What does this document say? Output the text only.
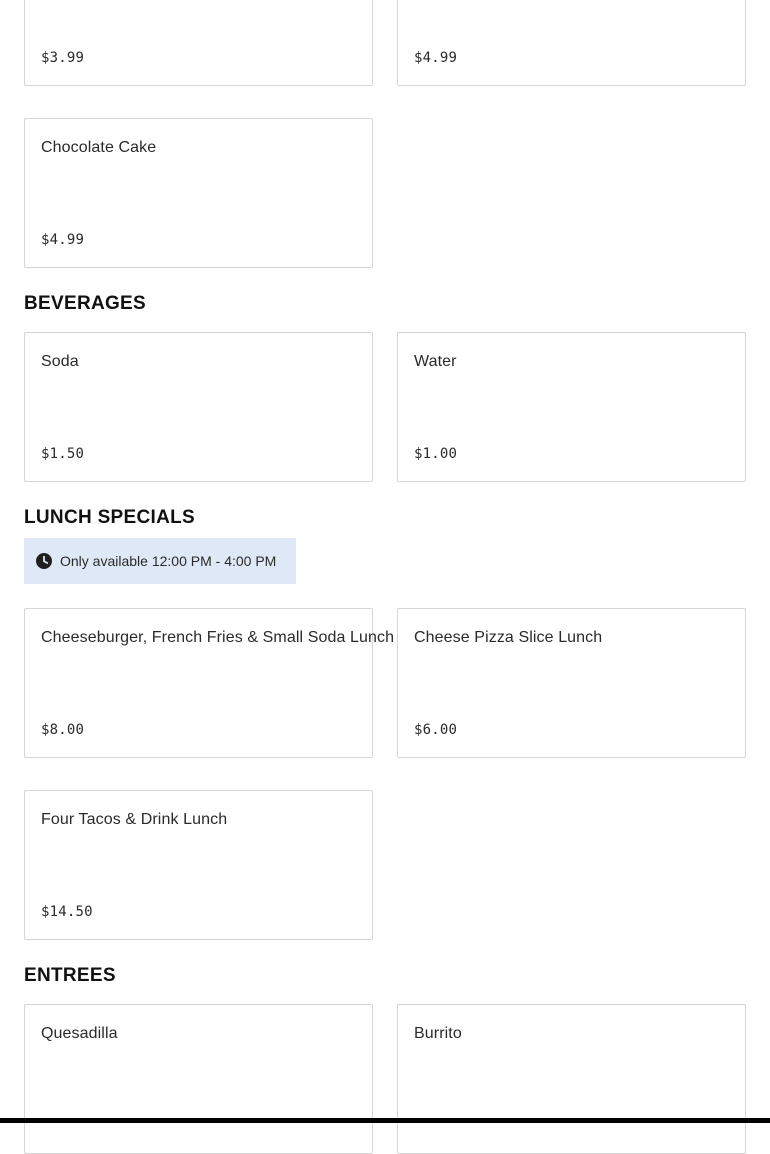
$3.99	$4.99
Chocolate Cake
$4.99
BEVERAGES
Soda
$1.50
Water
$1.00
LUNCH SPECIALS
Only available 12:00 PM - 4:00 PM
Cheeseburger, French Fries & Small Soda Lunch
$8.00
Cheese Pizza Slice Lunch
$6.00
Four Tacos & Drink Lunch
$14.50
ENTREES
Quesadilla	Burrito
